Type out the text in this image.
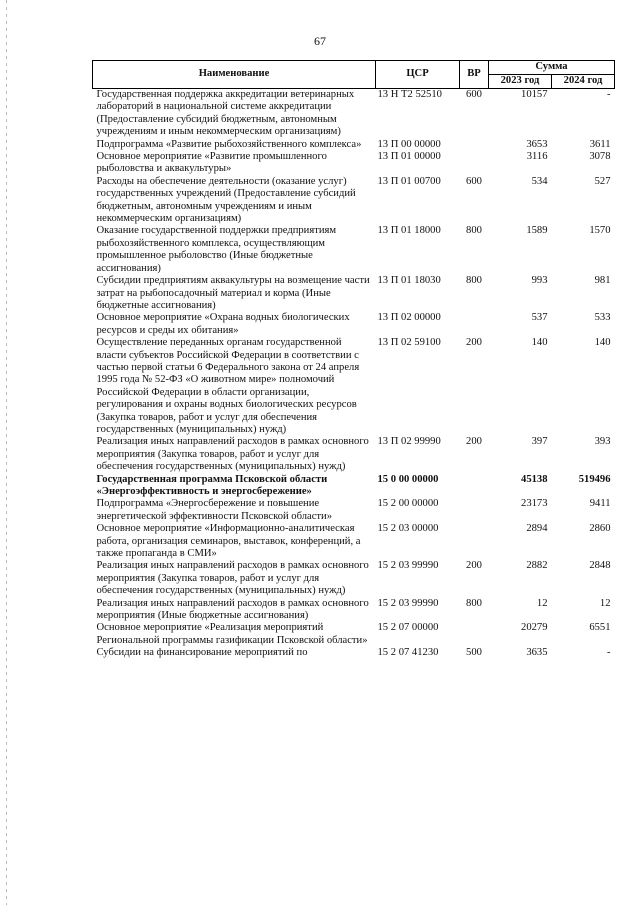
67
Наименование	ЦСР	ВР	Сумма	
			2023 год	2024 год
Государственная поддержка аккредитации ветеринарных лабораторий в национальной системе аккредитации (Предоставление субсидий бюджетным, автономным учреждениям и иным некоммерческим организациям)	13 Н Т2 52510	600	10157	-
Подпрограмма «Развитие рыбохозяйственного комплекса»	13 П 00 00000		3653	3611
Основное мероприятие «Развитие промышленного рыболовства и аквакультуры»	13 П 01 00000		3116	3078
Расходы на обеспечение деятельности (оказание услуг) государственных учреждений (Предоставление субсидий бюджетным, автономным учреждениям и иным некоммерческим организациям)	13 П 01 00700	600	534	527
Оказание государственной поддержки предприятиям рыбохозяйственного комплекса, осуществляющим промышленное рыболовство (Иные бюджетные ассигнования)	13 П 01 18000	800	1589	1570
Субсидии предприятиям аквакультуры на возмещение части затрат на рыбопосадочный материал и корма (Иные бюджетные ассигнования)	13 П 01 18030	800	993	981
Основное мероприятие «Охрана водных биологических ресурсов и среды их обитания»	13 П 02 00000		537	533
Осуществление переданных органам государственной власти субъектов Российской Федерации в соответствии с частью первой статьи 6 Федерального закона от 24 апреля 1995 года № 52-ФЗ «О животном мире» полномочий Российской Федерации в области организации, регулирования и охраны водных биологических ресурсов (Закупка товаров, работ и услуг для обеспечения государственных (муниципальных) нужд)	13 П 02 59100	200	140	140
Реализация иных направлений расходов в рамках основного мероприятия (Закупка товаров, работ и услуг для обеспечения государственных (муниципальных) нужд)	13 П 02 99990	200	397	393
Государственная программа Псковской области «Энергоэффективность и энергосбережение»	15 0 00 00000		45138	519496
Подпрограмма «Энергосбережение и повышение энергетической эффективности Псковской области»	15 2 00 00000		23173	9411
Основное мероприятие «Информационно-аналитическая работа, организация семинаров, выставок, конференций, а также пропаганда в СМИ»	15 2 03 00000		2894	2860
Реализация иных направлений расходов в рамках основного мероприятия (Закупка товаров, работ и услуг для обеспечения государственных (муниципальных) нужд)	15 2 03 99990	200	2882	2848
Реализация иных направлений расходов в рамках основного мероприятия (Иные бюджетные ассигнования)	15 2 03 99990	800	12	12
Основное мероприятие «Реализация мероприятий Региональной программы газификации Псковской области»	15 2 07 00000		20279	6551
Субсидии на финансирование мероприятий по	15 2 07 41230	500	3635	-
